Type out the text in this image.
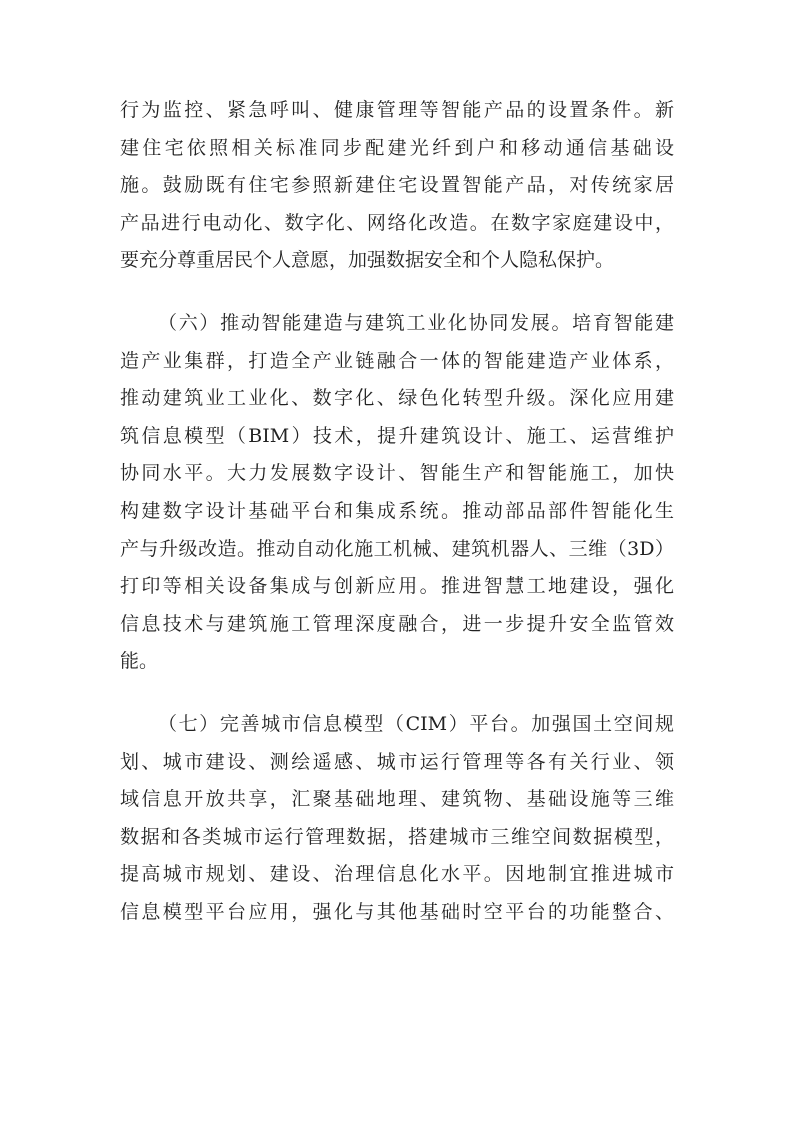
行为监控、紧急呼叫、健康管理等智能产品的设置条件。新
建住宅依照相关标准同步配建光纤到户和移动通信基础设
施。鼓励既有住宅参照新建住宅设置智能产品，对传统家居
产品进行电动化、数字化、网络化改造。在数字家庭建设中，
要充分尊重居民个人意愿，加强数据安全和个人隐私保护。
（六）推动智能建造与建筑工业化协同发展。培育智能建
造产业集群，打造全产业链融合一体的智能建造产业体系，
推动建筑业工业化、数字化、绿色化转型升级。深化应用建
筑信息模型（BIM）技术，提升建筑设计、施工、运营维护
协同水平。大力发展数字设计、智能生产和智能施工，加快
构建数字设计基础平台和集成系统。推动部品部件智能化生
产与升级改造。推动自动化施工机械、建筑机器人、三维（3D）
打印等相关设备集成与创新应用。推进智慧工地建设，强化
信息技术与建筑施工管理深度融合，进一步提升安全监管效
能。
（七）完善城市信息模型（CIM）平台。加强国土空间规
划、城市建设、测绘遥感、城市运行管理等各有关行业、领
域信息开放共享，汇聚基础地理、建筑物、基础设施等三维
数据和各类城市运行管理数据，搭建城市三维空间数据模型，
提高城市规划、建设、治理信息化水平。因地制宜推进城市
信息模型平台应用，强化与其他基础时空平台的功能整合、
